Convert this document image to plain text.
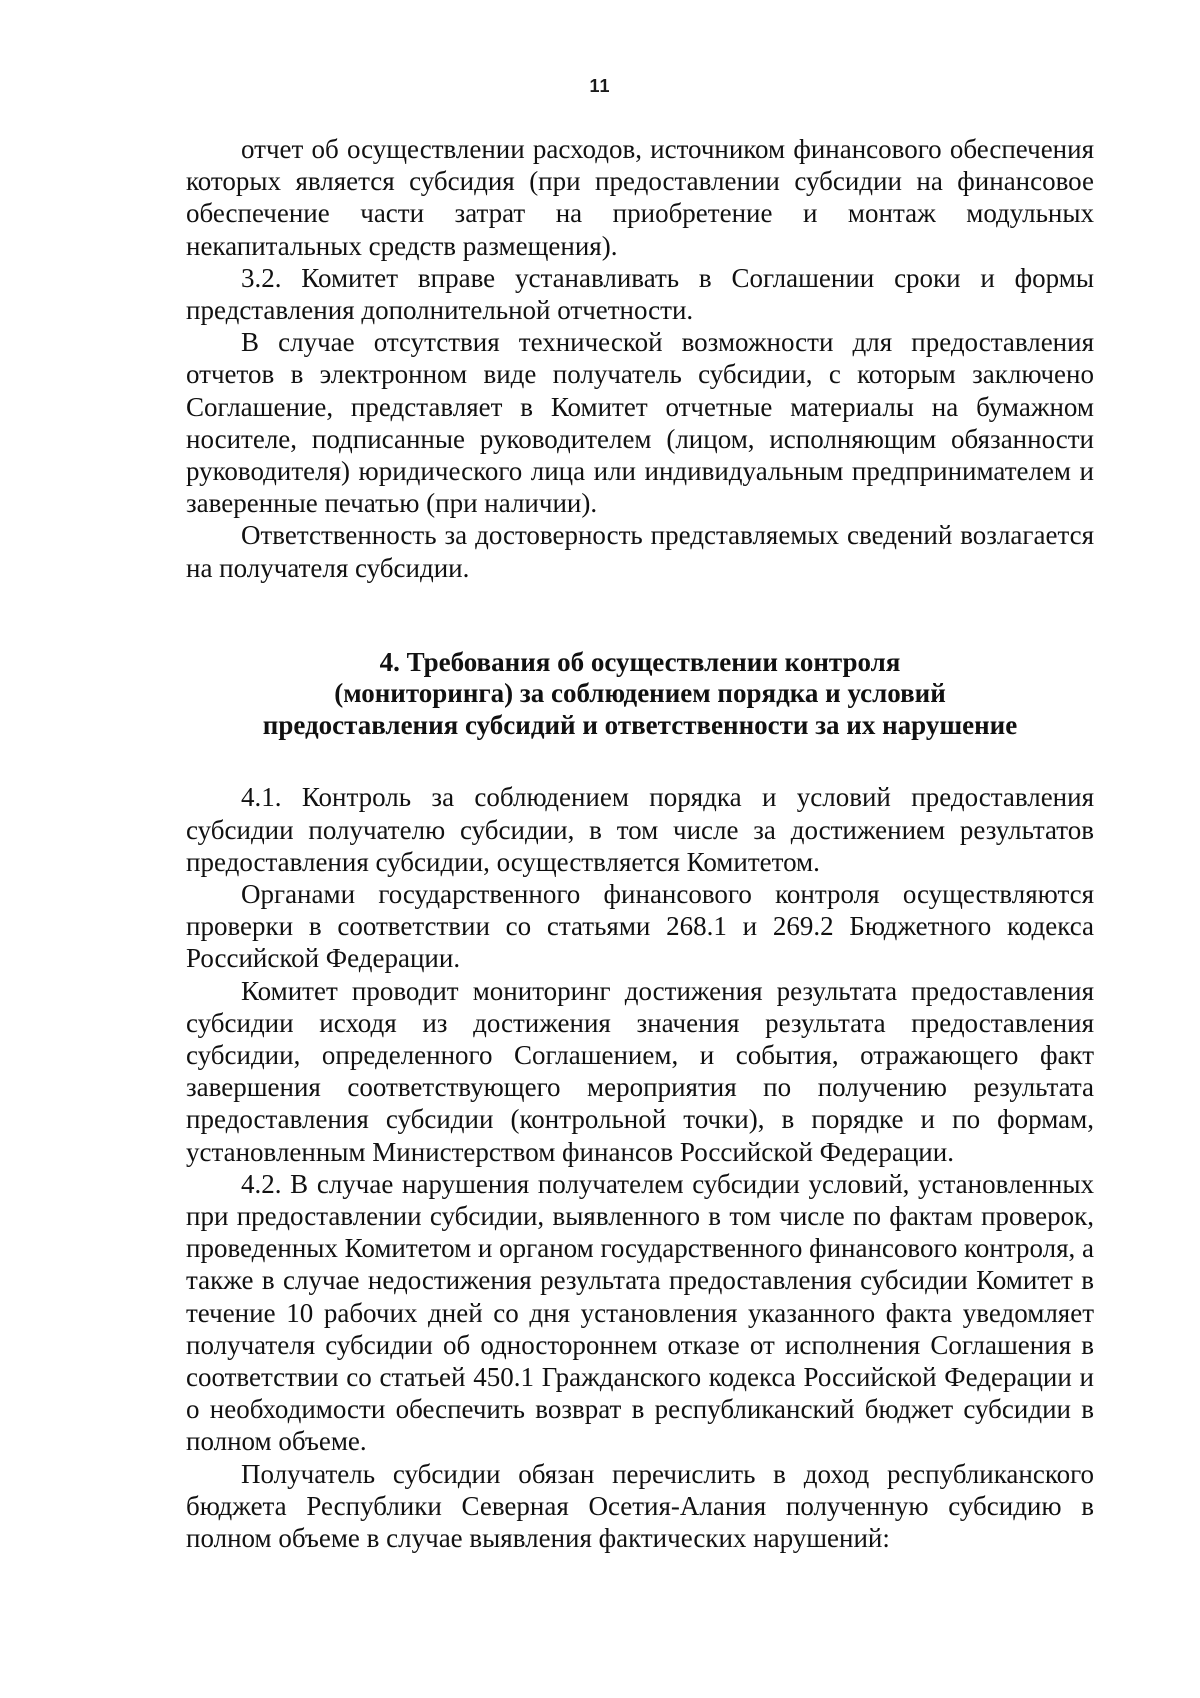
11

отчет об осуществлении расходов, источником финансового обеспечения которых является субсидия (при предоставлении субсидии на финансовое обеспечение части затрат на приобретение и монтаж модульных некапитальных средств размещения).

3.2. Комитет вправе устанавливать в Соглашении сроки и формы представления дополнительной отчетности.

В случае отсутствия технической возможности для предоставления отчетов в электронном виде получатель субсидии, с которым заключено Соглашение, представляет в Комитет отчетные материалы на бумажном носителе, подписанные руководителем (лицом, исполняющим обязанности руководителя) юридического лица или индивидуальным предпринимателем и заверенные печатью (при наличии).

Ответственность за достоверность представляемых сведений возлагается на получателя субсидии.

4. Требования об осуществлении контроля
(мониторинга) за соблюдением порядка и условий
предоставления субсидий и ответственности за их нарушение

4.1. Контроль за соблюдением порядка и условий предоставления субсидии получателю субсидии, в том числе за достижением результатов предоставления субсидии, осуществляется Комитетом.

Органами государственного финансового контроля осуществляются проверки в соответствии со статьями 268.1 и 269.2 Бюджетного кодекса Российской Федерации.

Комитет проводит мониторинг достижения результата предоставления субсидии исходя из достижения значения результата предоставления субсидии, определенного Соглашением, и события, отражающего факт завершения соответствующего мероприятия по получению результата предоставления субсидии (контрольной точки), в порядке и по формам, установленным Министерством финансов Российской Федерации.

4.2. В случае нарушения получателем субсидии условий, установленных при предоставлении субсидии, выявленного в том числе по фактам проверок, проведенных Комитетом и органом государственного финансового контроля, а также в случае недостижения результата предоставления субсидии Комитет в течение 10 рабочих дней со дня установления указанного факта уведомляет получателя субсидии об одностороннем отказе от исполнения Соглашения в соответствии со статьей 450.1 Гражданского кодекса Российской Федерации и о необходимости обеспечить возврат в республиканский бюджет субсидии в полном объеме.

Получатель субсидии обязан перечислить в доход республиканского бюджета Республики Северная Осетия-Алания полученную субсидию в полном объеме в случае выявления фактических нарушений:
